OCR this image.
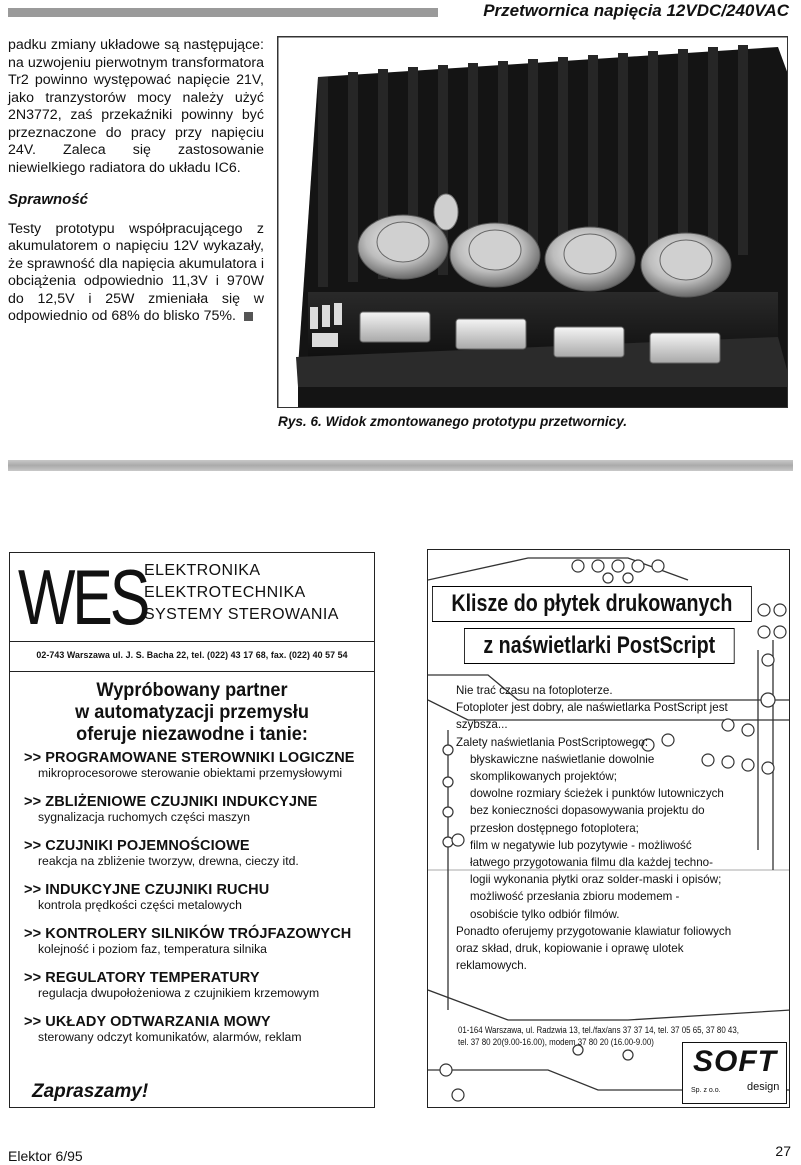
Przetwornica napięcia 12VDC/240VAC

padku zmiany układowe są następujące: na uzwojeniu pierwotnym transformatora Tr2 powinno występować napięcie 21V, jako tranzystorów mocy należy użyć 2N3772, zaś przekaźniki powinny być przeznaczone do pracy przy napięciu 24V. Zaleca się zastosowanie niewielkiego radiatora do układu IC6.

Sprawność

Testy prototypu współpracującego z akumulatorem o napięciu 12V wykazały, że sprawność dla napięcia akumulatora i obciążenia odpowiednio 11,3V i 970W do 12,5V i 25W zmieniała się w odpowiednio od 68% do blisko 75%.

Rys. 6. Widok zmontowanego prototypu przetwornicy.
WES
ELEKTRONIKA
ELEKTROTECHNIKA
SYSTEMY STEROWANIA
02-743 Warszawa ul. J. S. Bacha 22, tel. (022) 43 17 68, fax. (022) 40 57 54
Wypróbowany partner
w automatyzacji przemysłu
oferuje niezawodne i tanie:
>> PROGRAMOWANE STEROWNIKI LOGICZNE
mikroprocesorowe sterowanie obiektami przemysłowymi
>> ZBLIŻENIOWE CZUJNIKI INDUKCYJNE
sygnalizacja ruchomych części maszyn
>> CZUJNIKI POJEMNOŚCIOWE
reakcja na zbliżenie tworzyw, drewna, cieczy itd.
>> INDUKCYJNE CZUJNIKI RUCHU
kontrola prędkości części metalowych
>> KONTROLERY SILNIKÓW TRÓJFAZOWYCH
kolejność i poziom faz, temperatura silnika
>> REGULATORY TEMPERATURY
regulacja dwupołożeniowa z czujnikiem krzemowym
>> UKŁADY ODTWARZANIA MOWY
sterowany odczyt komunikatów, alarmów, reklam
Zapraszamy!
Klisze do płytek drukowanych
z naświetlarki PostScript
Nie trać czasu na fotoploterze.
Fotoploter jest dobry, ale naświetlarka PostScript jest
szybsza...
Zalety naświetlania PostScriptowego:
błyskawiczne naświetlanie dowolnie
skomplikowanych projektów;
dowolne rozmiary ścieżek i punktów lutowniczych
bez konieczności dopasowywania projektu do
przesłon dostępnego fotoplotera;
film w negatywie lub pozytywie - możliwość
łatwego przygotowania filmu dla każdej techno-
logii wykonania płytki oraz solder-maski i opisów;
możliwość przesłania zbioru modemem -
osobiście tylko odbiór filmów.
Ponadto oferujemy przygotowanie klawiatur foliowych
oraz skład, druk, kopiowanie i oprawę ulotek
reklamowych.
01-164 Warszawa, ul. Radzwia 13, tel./fax/ans 37 37 14, tel. 37 05 65, 37 80 43,
tel. 37 80 20(9.00-16.00), modem 37 80 20 (16.00-9.00)
SOFT
design
Sp. z o.o.
Elektor 6/95	27
